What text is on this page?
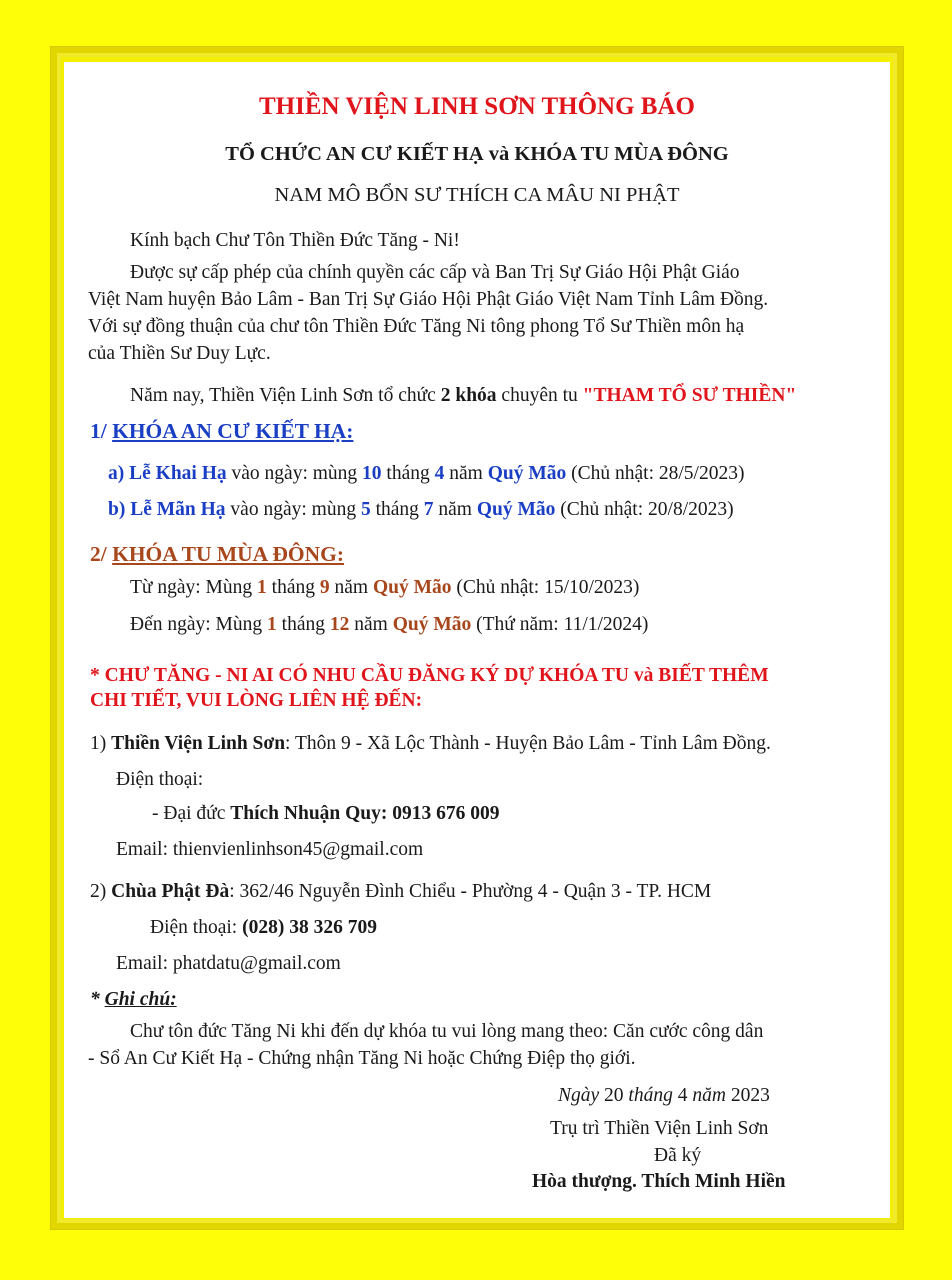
THIỀN VIỆN LINH SƠN THÔNG BÁO
TỔ CHỨC AN CƯ KIẾT HẠ và KHÓA TU MÙA ĐÔNG
NAM MÔ BỔN SƯ THÍCH CA MÂU NI PHẬT
Kính bạch Chư Tôn Thiền Đức Tăng - Ni!
Được sự cấp phép của chính quyền các cấp và Ban Trị Sự Giáo Hội Phật Giáo
Việt Nam huyện Bảo Lâm - Ban Trị Sự Giáo Hội Phật Giáo Việt Nam Tỉnh Lâm Đồng.
Với sự đồng thuận của chư tôn Thiền Đức Tăng Ni tông phong Tổ Sư Thiền môn hạ
của Thiền Sư Duy Lực.
Năm nay, Thiền Viện Linh Sơn tổ chức 2 khóa chuyên tu "THAM TỔ SƯ THIỀN"
1/ KHÓA AN CƯ KIẾT HẠ:
a) Lễ Khai Hạ vào ngày: mùng 10 tháng 4 năm Quý Mão (Chủ nhật: 28/5/2023)
b) Lễ Mãn Hạ vào ngày: mùng 5 tháng 7 năm Quý Mão (Chủ nhật: 20/8/2023)
2/ KHÓA TU MÙA ĐÔNG:
Từ ngày: Mùng 1 tháng 9 năm Quý Mão (Chủ nhật: 15/10/2023)
Đến ngày: Mùng 1 tháng 12 năm Quý Mão (Thứ năm: 11/1/2024)
* CHƯ TĂNG - NI AI CÓ NHU CẦU ĐĂNG KÝ DỰ KHÓA TU và BIẾT THÊM
CHI TIẾT, VUI LÒNG LIÊN HỆ ĐẾN:
1) Thiền Viện Linh Sơn: Thôn 9 - Xã Lộc Thành - Huyện Bảo Lâm - Tỉnh Lâm Đồng.
Điện thoại:
- Đại đức Thích Nhuận Quy: 0913 676 009
Email: thienvienlinhson45@gmail.com
2) Chùa Phật Đà: 362/46 Nguyễn Đình Chiểu - Phường 4 - Quận 3 - TP. HCM
Điện thoại: (028) 38 326 709
Email: phatdatu@gmail.com
* Ghi chú:
Chư tôn đức Tăng Ni khi đến dự khóa tu vui lòng mang theo: Căn cước công dân
- Sổ An Cư Kiết Hạ - Chứng nhận Tăng Ni hoặc Chứng Điệp thọ giới.
Ngày 20 tháng 4 năm 2023
Trụ trì Thiền Viện Linh Sơn
Đã ký
Hòa thượng. Thích Minh Hiền
